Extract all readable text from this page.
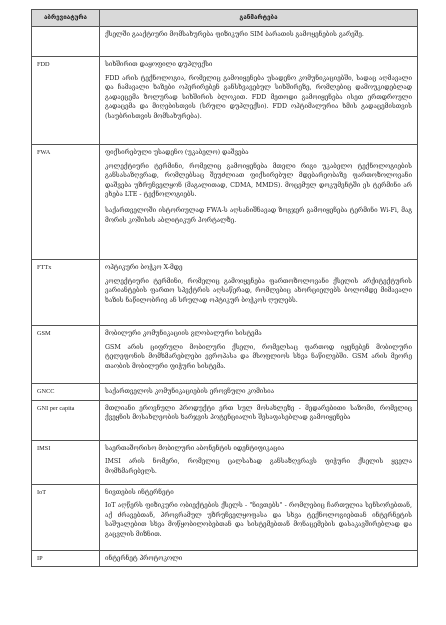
აბრევიატურა	განმარტება

	ქსელში გააქტიური მომსახურება ფიზიკური SIM ბარათის გამოყენების გარეშე.

FDD	სიხშირით დაყოფილი დუპლექსი

FDD არის ტექნოლოგია, რომელიც გამოიყენება უსადენო კომუნიკაციებში, სადაც აღმავალი და ჩამავალი ხაზები ოპერირებენ განსხვავებულ სიხშირეზე, რომლებიც დამოუკიდებლად გადაეცემა ზოლურად სიხშირის ბლოკით. FDD მეთოდი გამოიყენება ისეთ ერთდროული გადაცემა და მიღებისთვის (სრული დუპლექსი). FDD ოპტიმალურია ხმის გადაცემისთვის (საუბრისთვის მომსახურება).

FWA	ფიქსირებული უსადენო (უკაბელო) დაშვება

კოლექტიური ტერმინი, რომელიც გამოიყენება მთელი რიგი უკაბელო ტექნოლოგიების განსასაზღვრად, რომლებსაც შეუძლიათ ფიქსირებულ მდებარეობაზე ფართოზოლოვანი დაშვება უზრუნველყონ (მაგალითად, CDMA, MMDS). მოცემულ დოკუმენტში ეს ტერმინი არ ეხება LTE - ტექნოლოგიებს.

საქართველოში ისტორიულად FWA-ს აღსანიშნავად ზოგჯერ გამოიყენება ტერმინი Wi-Fi, მაგ მორის კოშისის აბლიტიკურ პორტალზე.

FTTx	ოპტიკური ბოჭკო X-მდე

კოლექტიური ტერმინი, რომელიც გამოიყენება ფართოზოლოვანი ქსელის არქიტექტურის ვარიანტების ფართო სპექტრის აღსაწერად, რომლებიც ახორციელებს ბოლომდე მიმავალი ხაზის ნაწილობრივ ან სრულად ოპტიკურ ბოჭკოს ღულებს.

GSM	მობილური კომუნიკაციის გლობალური სისტემა

GSM არის ციფრული მობილური ქსელი, რომელსაც ფართოდ იყენებენ მობილური ტელეფონის მომხმარებლები ევროპასა და მსოფლიოს სხვა ნაწილებში. GSM არის მეორე თაობის მობილური ფიჭური სისტემა.

GNCC	საქართველოს კომუნიკაციების ეროვნული კომისია

GNI per capita	მთლიანი ეროვნული პროდუქტი ერთ სულ მოსახლეზე - მედარებითი საზომი, რომელიც ქვეყნის მოსახლეობის ხარჯვის პოტენციალის შესაფასებლად გამოიყენება

IMSI	საერთაშორისო მობილური აბონენტის იდენტიფიკაცია

IMSI არის ნომერი, რომელიც ცალსახად განსაზღვრავს ფიჭური ქსელის ყველა მომხმარებელს.

IoT	ნივთების ინტერნეტი

IoT აღწერს ფიზიკური ობიექტების ქსელს - "ნივთებს" - რომლებიც ჩართულია სენსორებთან, აქ ძრავებთან, პროგრამულ უზრუნველყოფასა და სხვა ტექნოლოგიებთან ინტერნეტის საშუალებით სხვა მოწყობილობებთან და სისტემებთან მონაცემების დასაკავშირებლად და გაცვლის მიზნით.

IP	ინტერნეტ პროტოკოლი
